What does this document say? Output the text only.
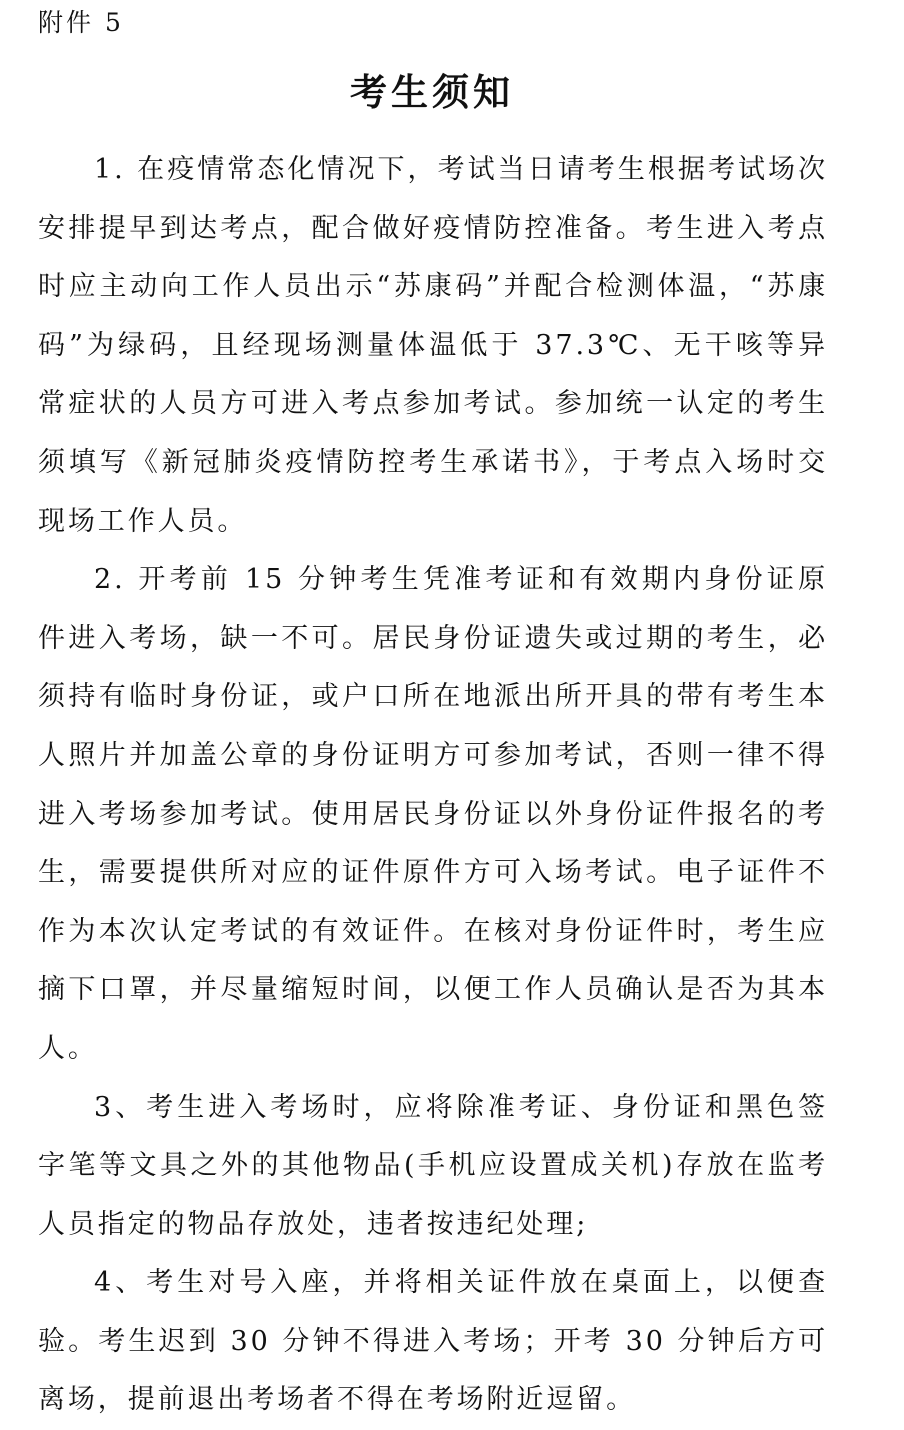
附件 5

考生须知

1. 在疫情常态化情况下，考试当日请考生根据考试场次安排提早到达考点，配合做好疫情防控准备。考生进入考点时应主动向工作人员出示“苏康码”并配合检测体温，“苏康码”为绿码，且经现场测量体温低于 37.3℃、无干咳等异常症状的人员方可进入考点参加考试。参加统一认定的考生须填写《新冠肺炎疫情防控考生承诺书》，于考点入场时交现场工作人员。

2. 开考前 15 分钟考生凭准考证和有效期内身份证原件进入考场，缺一不可。居民身份证遗失或过期的考生，必须持有临时身份证，或户口所在地派出所开具的带有考生本人照片并加盖公章的身份证明方可参加考试，否则一律不得进入考场参加考试。使用居民身份证以外身份证件报名的考生，需要提供所对应的证件原件方可入场考试。电子证件不作为本次认定考试的有效证件。在核对身份证件时，考生应摘下口罩，并尽量缩短时间，以便工作人员确认是否为其本人。

3、考生进入考场时，应将除准考证、身份证和黑色签字笔等文具之外的其他物品(手机应设置成关机)存放在监考人员指定的物品存放处，违者按违纪处理;

4、考生对号入座，并将相关证件放在桌面上，以便查验。考生迟到 30 分钟不得进入考场；开考 30 分钟后方可离场，提前退出考场者不得在考场附近逗留。
